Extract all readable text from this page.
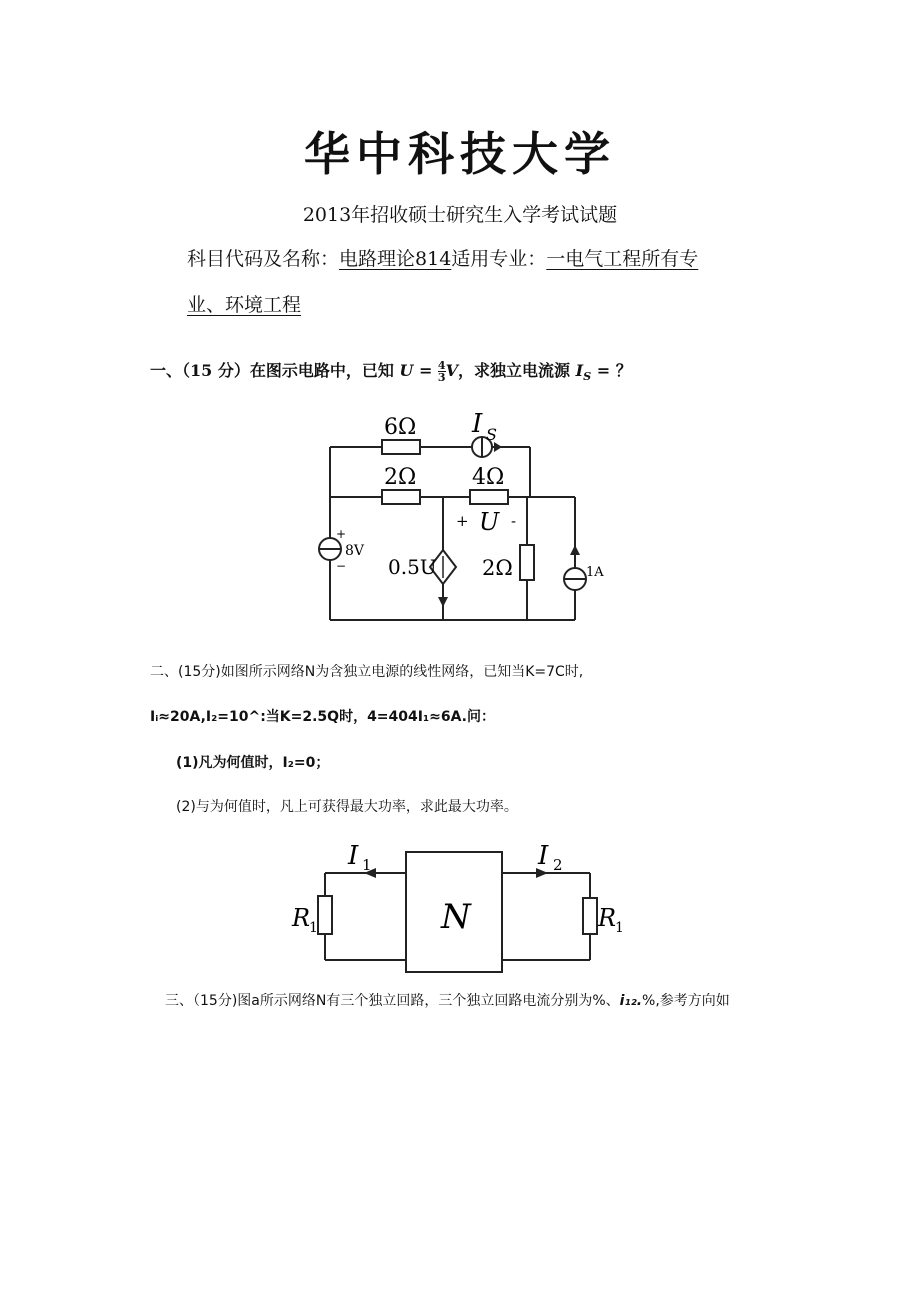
华中科技大学
2013年招收硕士研究生入学考试试题
科目代码及名称：电路理论814适用专业：一电气工程所有专
业、环境工程
一、（15 分）在图示电路中，已知 $U = \frac{4}{3}$ V，求独立电流源 $I_S$ = ？
6Ω I S
2Ω	4Ω
+ U -
+
−
8V
0.5U 2Ω	1A
二、(15分)如图所示网络N为含独立电源的线性网络，已知当K=7C时,
Iᵢ≈20A,I₂=10^:当K=2.5Q时，4=404I₁≈6A.问：
(1)凡为何值时，I₂=0；
(2)与为何值时，凡上可获得最大功率，求此最大功率。
I 1	I 2
N
R
1	R
1
三、（15分)图a所示网络N有三个独立回路，三个独立回路电流分别为%、i₁₂.%,参考方向如
